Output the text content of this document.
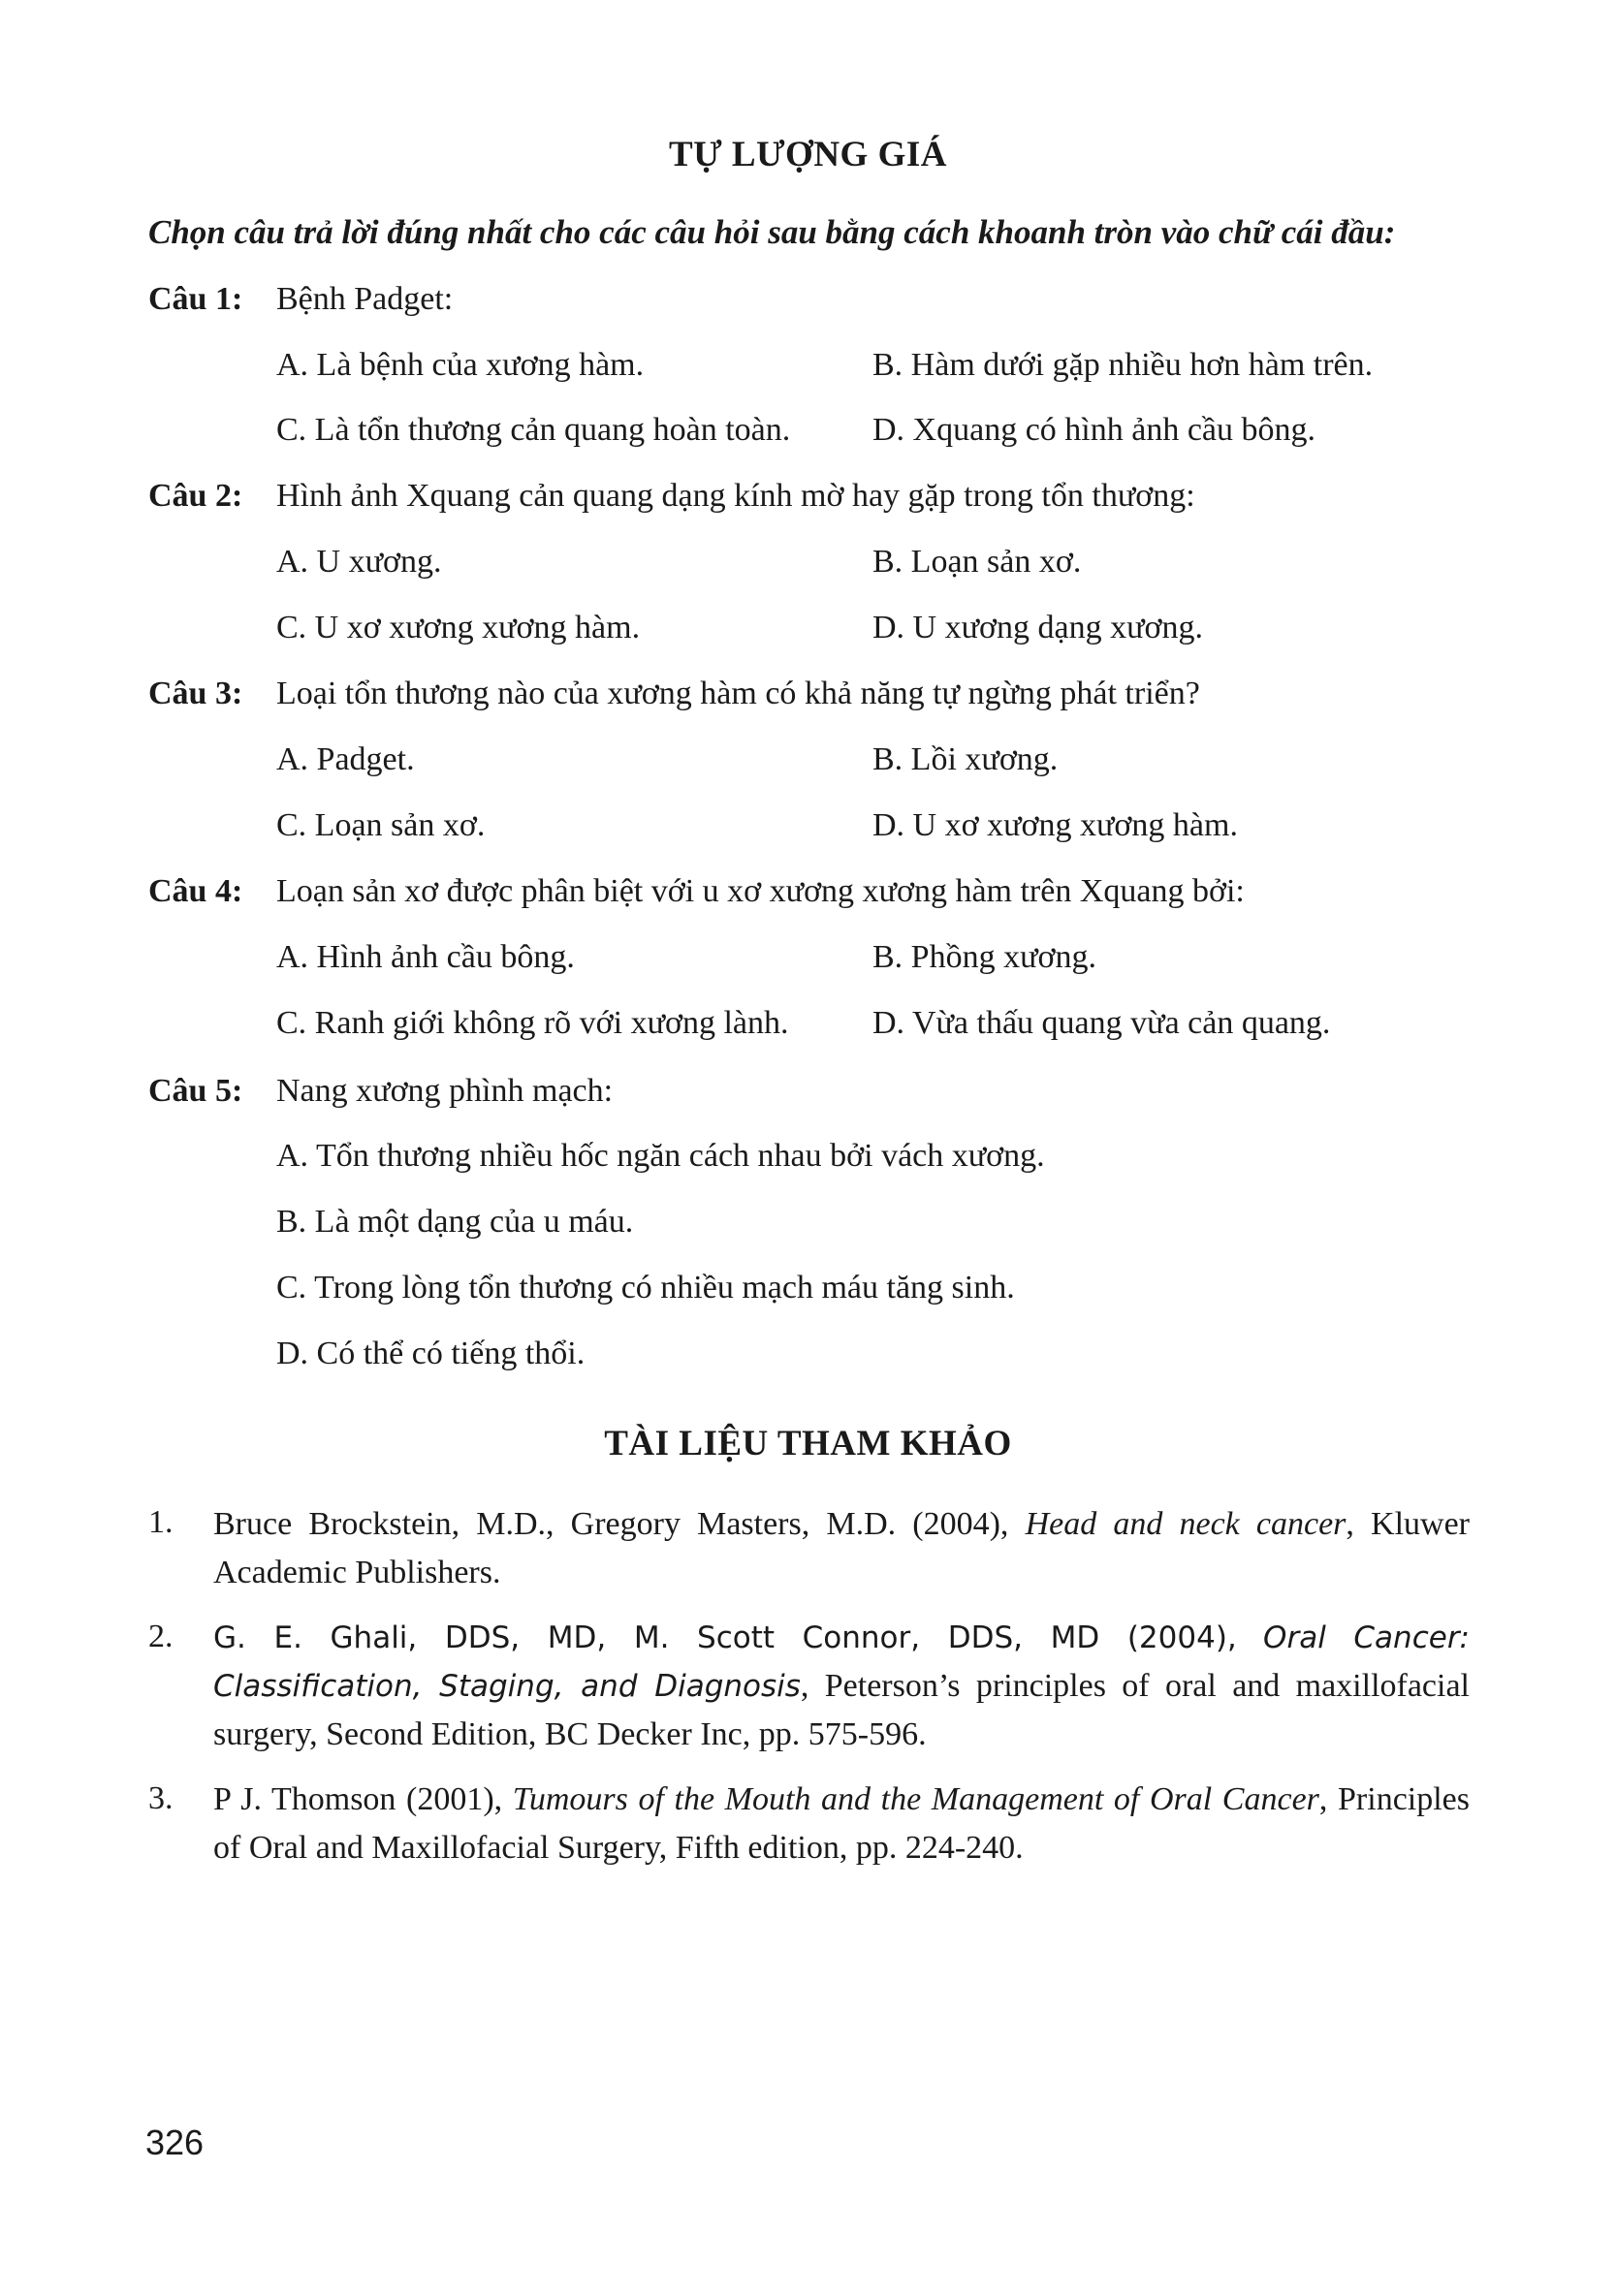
TỰ LƯỢNG GIÁ
Chọn câu trả lời đúng nhất cho các câu hỏi sau bằng cách khoanh tròn vào chữ cái đầu:
Câu 1: Bệnh Padget:
A. Là bệnh của xương hàm.	B. Hàm dưới gặp nhiều hơn hàm trên.
C. Là tổn thương cản quang hoàn toàn. D. Xquang có hình ảnh cầu bông.
Câu 2: Hình ảnh Xquang cản quang dạng kính mờ hay gặp trong tổn thương:
A. U xương.	B. Loạn sản xơ.
C. U xơ xương xương hàm.	D. U xương dạng xương.
Câu 3: Loại tổn thương nào của xương hàm có khả năng tự ngừng phát triển?
A. Padget.	B. Lồi xương.
C. Loạn sản xơ.	D. U xơ xương xương hàm.
Câu 4: Loạn sản xơ được phân biệt với u xơ xương xương hàm trên Xquang bởi:
A. Hình ảnh cầu bông.	B. Phồng xương.
C. Ranh giới không rõ với xương lành.	D. Vừa thấu quang vừa cản quang.
Câu 5: Nang xương phình mạch:
A. Tổn thương nhiều hốc ngăn cách nhau bởi vách xương.
B. Là một dạng của u máu.
C. Trong lòng tổn thương có nhiều mạch máu tăng sinh.
D. Có thể có tiếng thổi.
TÀI LIỆU THAM KHẢO
1. Bruce Brockstein, M.D., Gregory Masters, M.D. (2004), Head and neck cancer, Kluwer Academic Publishers.
2. G. E. Ghali, DDS, MD, M. Scott Connor, DDS, MD (2004), Oral Cancer: Classification, Staging, and Diagnosis, Peterson’s principles of oral and maxillofacial surgery, Second Edition, BC Decker Inc, pp. 575-596.
3. P J. Thomson (2001), Tumours of the Mouth and the Management of Oral Cancer, Principles of Oral and Maxillofacial Surgery, Fifth edition, pp. 224-240.
326
